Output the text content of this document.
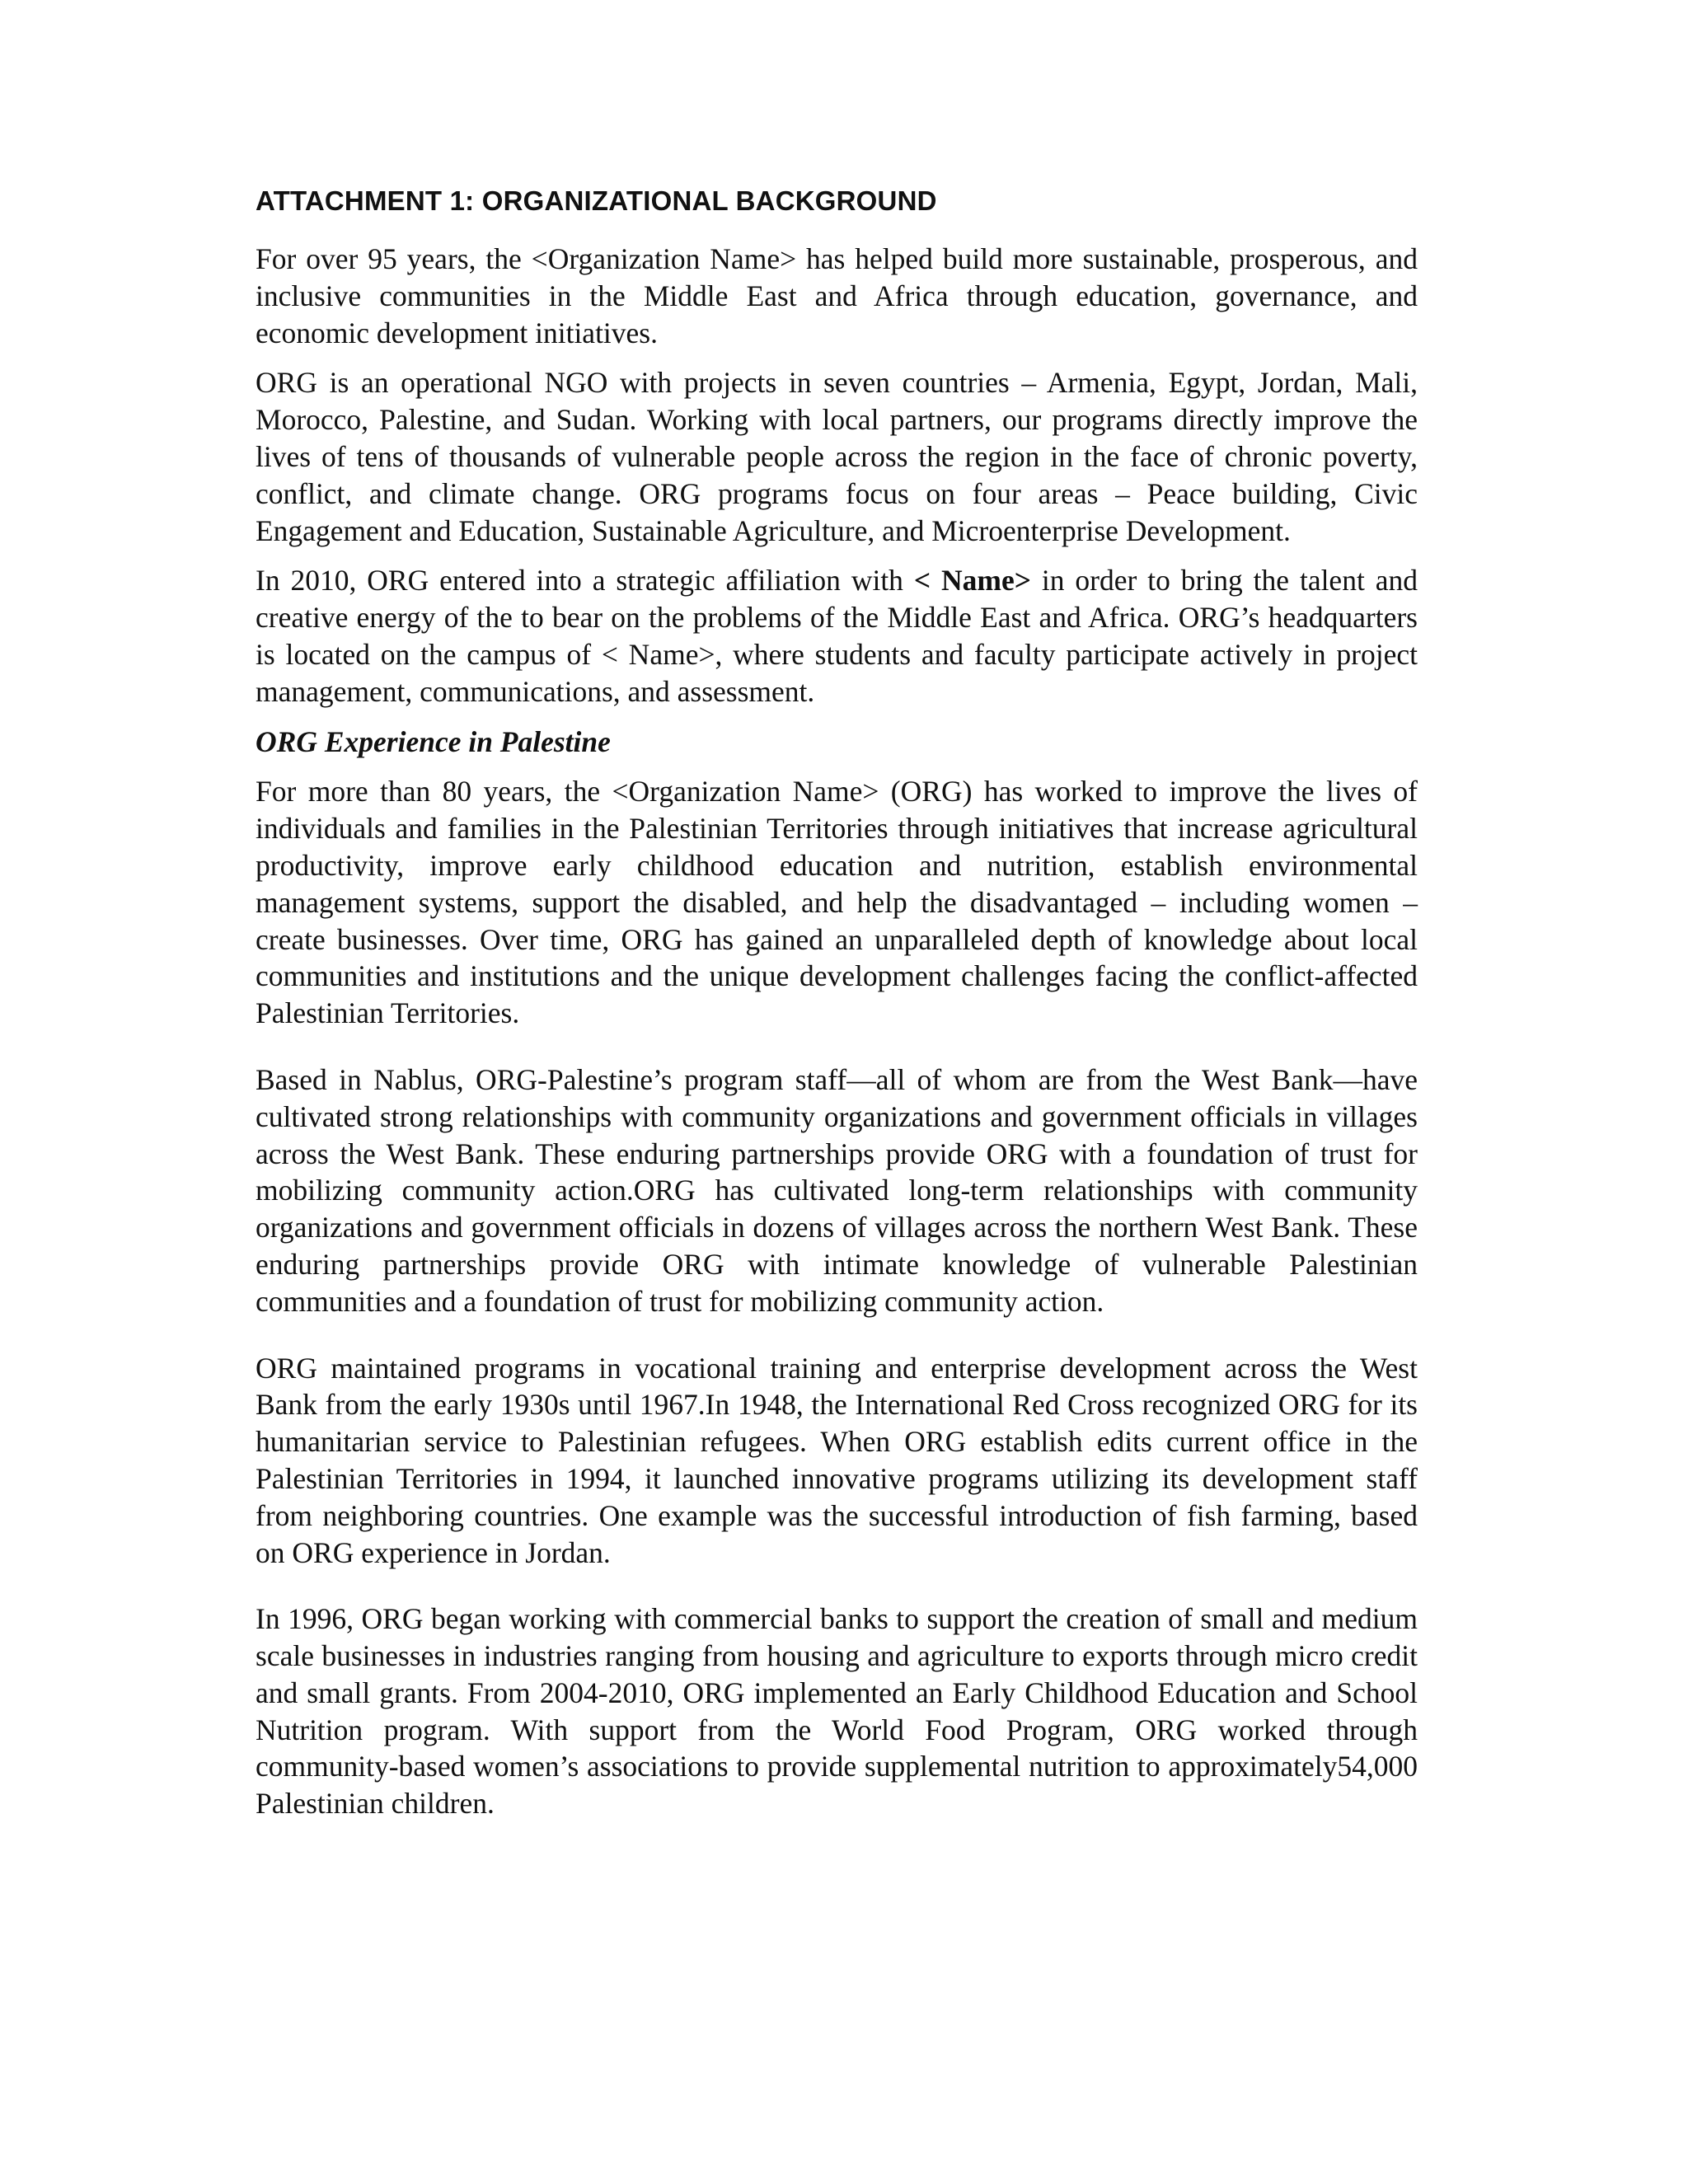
ATTACHMENT 1: ORGANIZATIONAL BACKGROUND

For over 95 years, the <Organization Name> has helped build more sustainable, prosperous, and inclusive communities in the Middle East and Africa through education, governance, and economic development initiatives.

ORG is an operational NGO with projects in seven countries – Armenia, Egypt, Jordan, Mali, Morocco, Palestine, and Sudan. Working with local partners, our programs directly improve the lives of tens of thousands of vulnerable people across the region in the face of chronic poverty, conflict, and climate change. ORG programs focus on four areas – Peace building, Civic Engagement and Education, Sustainable Agriculture, and Microenterprise Development.

In 2010, ORG entered into a strategic affiliation with < Name> in order to bring the talent and creative energy of the to bear on the problems of the Middle East and Africa. ORG’s headquarters is located on the campus of < Name>, where students and faculty participate actively in project management, communications, and assessment.

ORG Experience in Palestine

For more than 80 years, the <Organization Name> (ORG) has worked to improve the lives of individuals and families in the Palestinian Territories through initiatives that increase agricultural productivity, improve early childhood education and nutrition, establish environmental management systems, support the disabled, and help the disadvantaged – including women – create businesses. Over time, ORG has gained an unparalleled depth of knowledge about local communities and institutions and the unique development challenges facing the conflict-affected Palestinian Territories.

Based in Nablus, ORG-Palestine’s program staff—all of whom are from the West Bank—have cultivated strong relationships with community organizations and government officials in villages across the West Bank. These enduring partnerships provide ORG with a foundation of trust for mobilizing community action.ORG has cultivated long-term relationships with community organizations and government officials in dozens of villages across the northern West Bank. These enduring partnerships provide ORG with intimate knowledge of vulnerable Palestinian communities and a foundation of trust for mobilizing community action.

ORG maintained programs in vocational training and enterprise development across the West Bank from the early 1930s until 1967.In 1948, the International Red Cross recognized ORG for its humanitarian service to Palestinian refugees. When ORG establish edits current office in the Palestinian Territories in 1994, it launched innovative programs utilizing its development staff from neighboring countries. One example was the successful introduction of fish farming, based on ORG experience in Jordan.

In 1996, ORG began working with commercial banks to support the creation of small and medium scale businesses in industries ranging from housing and agriculture to exports through micro credit and small grants. From 2004-2010, ORG implemented an Early Childhood Education and School Nutrition program. With support from the World Food Program, ORG worked through community-based women’s associations to provide supplemental nutrition to approximately54,000 Palestinian children.
